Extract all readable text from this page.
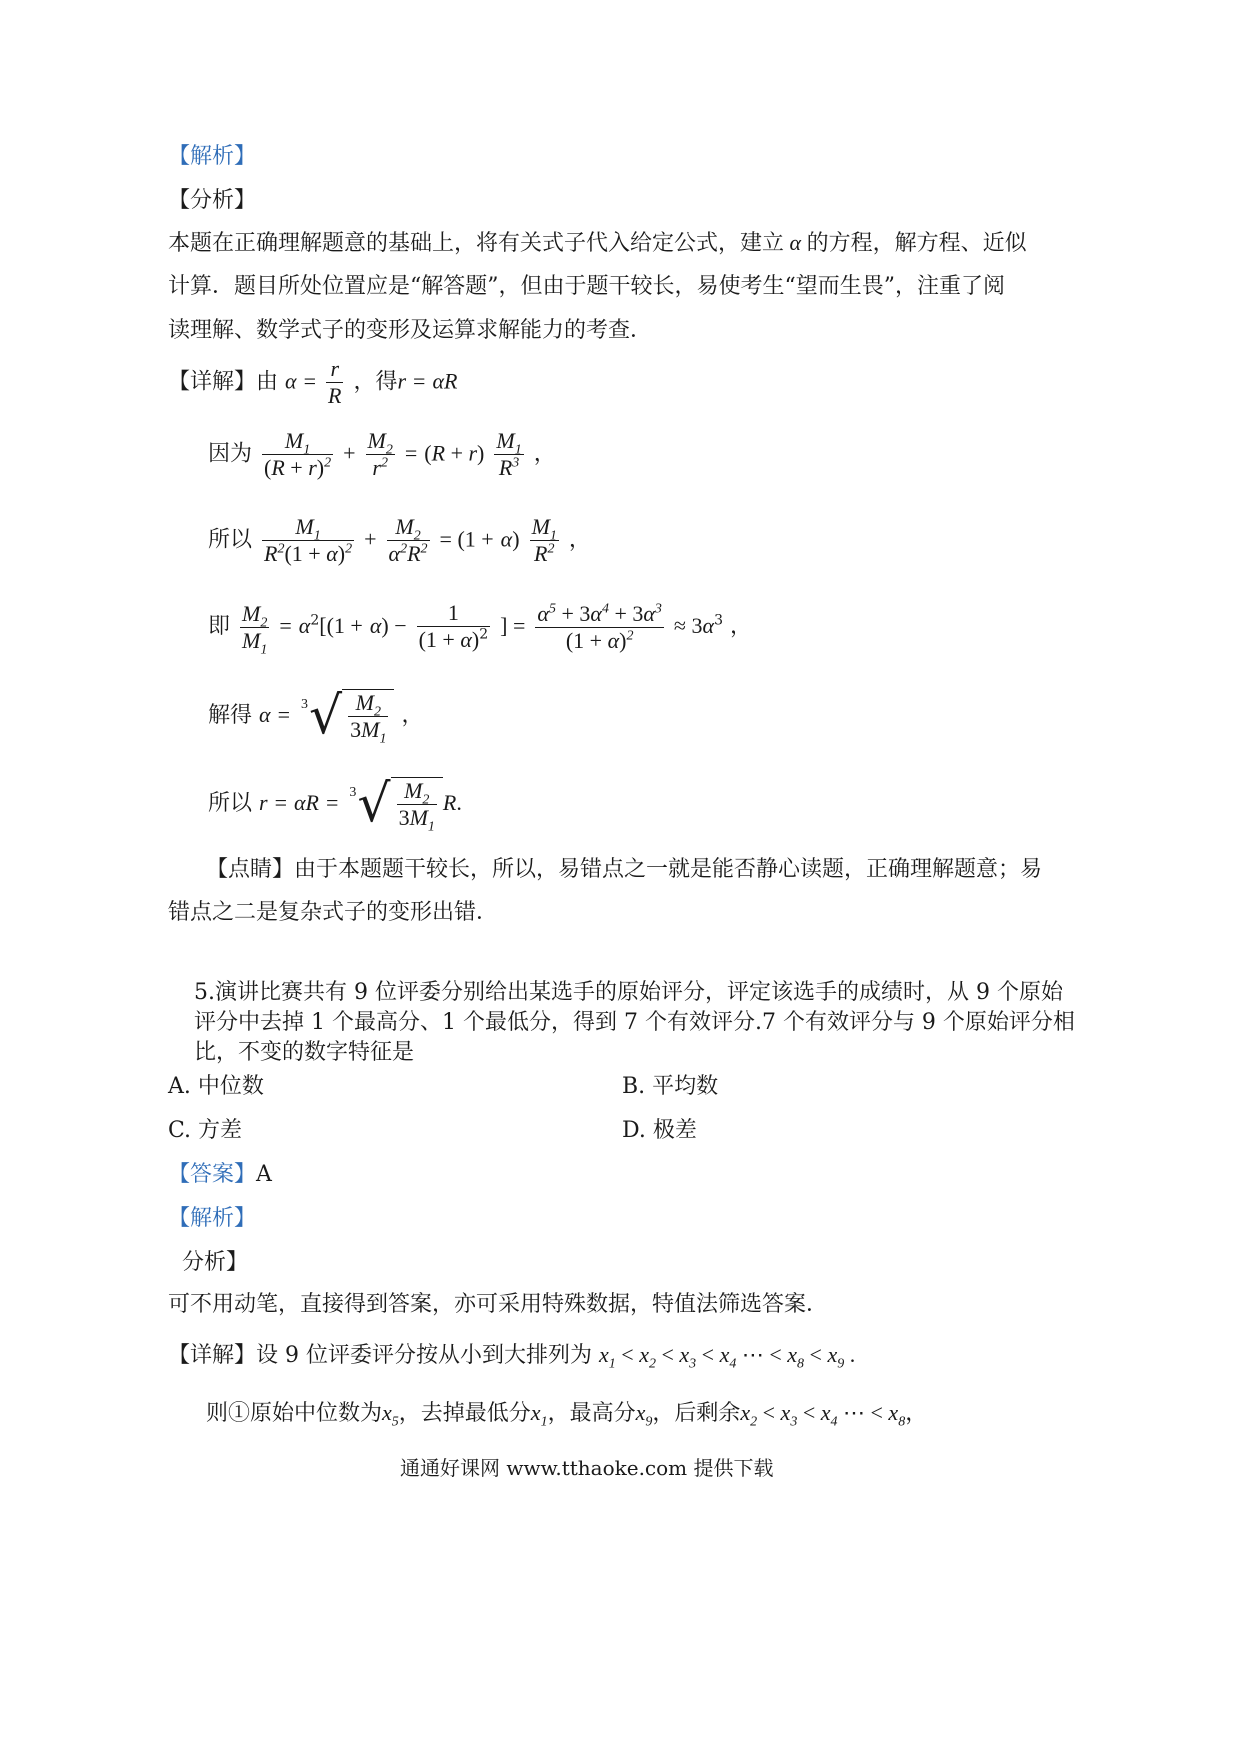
【解析】
【分析】
本题在正确理解题意的基础上，将有关式子代入给定公式，建立 α 的方程，解方程、近似
计算．题目所处位置应是“解答题”，但由于题干较长，易使考生“望而生畏”，注重了阅
读理解、数学式子的变形及运算求解能力的考查．
【详解】由 $\alpha = \frac{r}{R}$ ，得r = αR
因为 $\frac{M_1}{(R + r)^2} + \frac{M_2}{r^2} = (R + r) \frac{M_1}{R^3}$ ，
所以 $\frac{M_1}{R^2(1 + \alpha)^2} + \frac{M_2}{\alpha^2R^2} = (1 + \alpha) \frac{M_1}{R^2}$ ，
即 $\frac{M_2}{M_1} = \alpha^2[(1 + \alpha) - \frac{1}{(1 + \alpha)^2}$ ] = $\frac{\alpha^5 + 3\alpha^4 + 3\alpha^3}{(1 + \alpha)^2} \approx 3\alpha^3$ ，
解得 α = 3 √ $\frac{M_2}{3M_1}$ ，
所以 r = αR = 3 √ $\frac{M_2}{3M_1} R$.
【点睛】由于本题题干较长，所以，易错点之一就是能否静心读题，正确理解题意；易
错点之二是复杂式子的变形出错．
5.演讲比赛共有 9 位评委分别给出某选手的原始评分，评定该选手的成绩时，从 9 个原始
评分中去掉 1 个最高分、1 个最低分，得到 7 个有效评分.7 个有效评分与 9 个原始评分相
比，不变的数字特征是
A. 中位数	B. 平均数
C. 方差	D. 极差
【答案】A
【解析】
分析】
可不用动笔，直接得到答案，亦可采用特殊数据，特值法筛选答案．
【详解】设 9 位评委评分按从小到大排列为 $x_1 < x_2 < x_3 < x_4$ ⋯ < $x_8 < x_9$ .
则①原始中位数为$x_5$，去掉最低分$x_1$，最高分$x_9$，后剩余$x_2 < x_3 < x_4$ ⋯ < $x_8$，
通通好课网 www.tthaoke.com 提供下载
